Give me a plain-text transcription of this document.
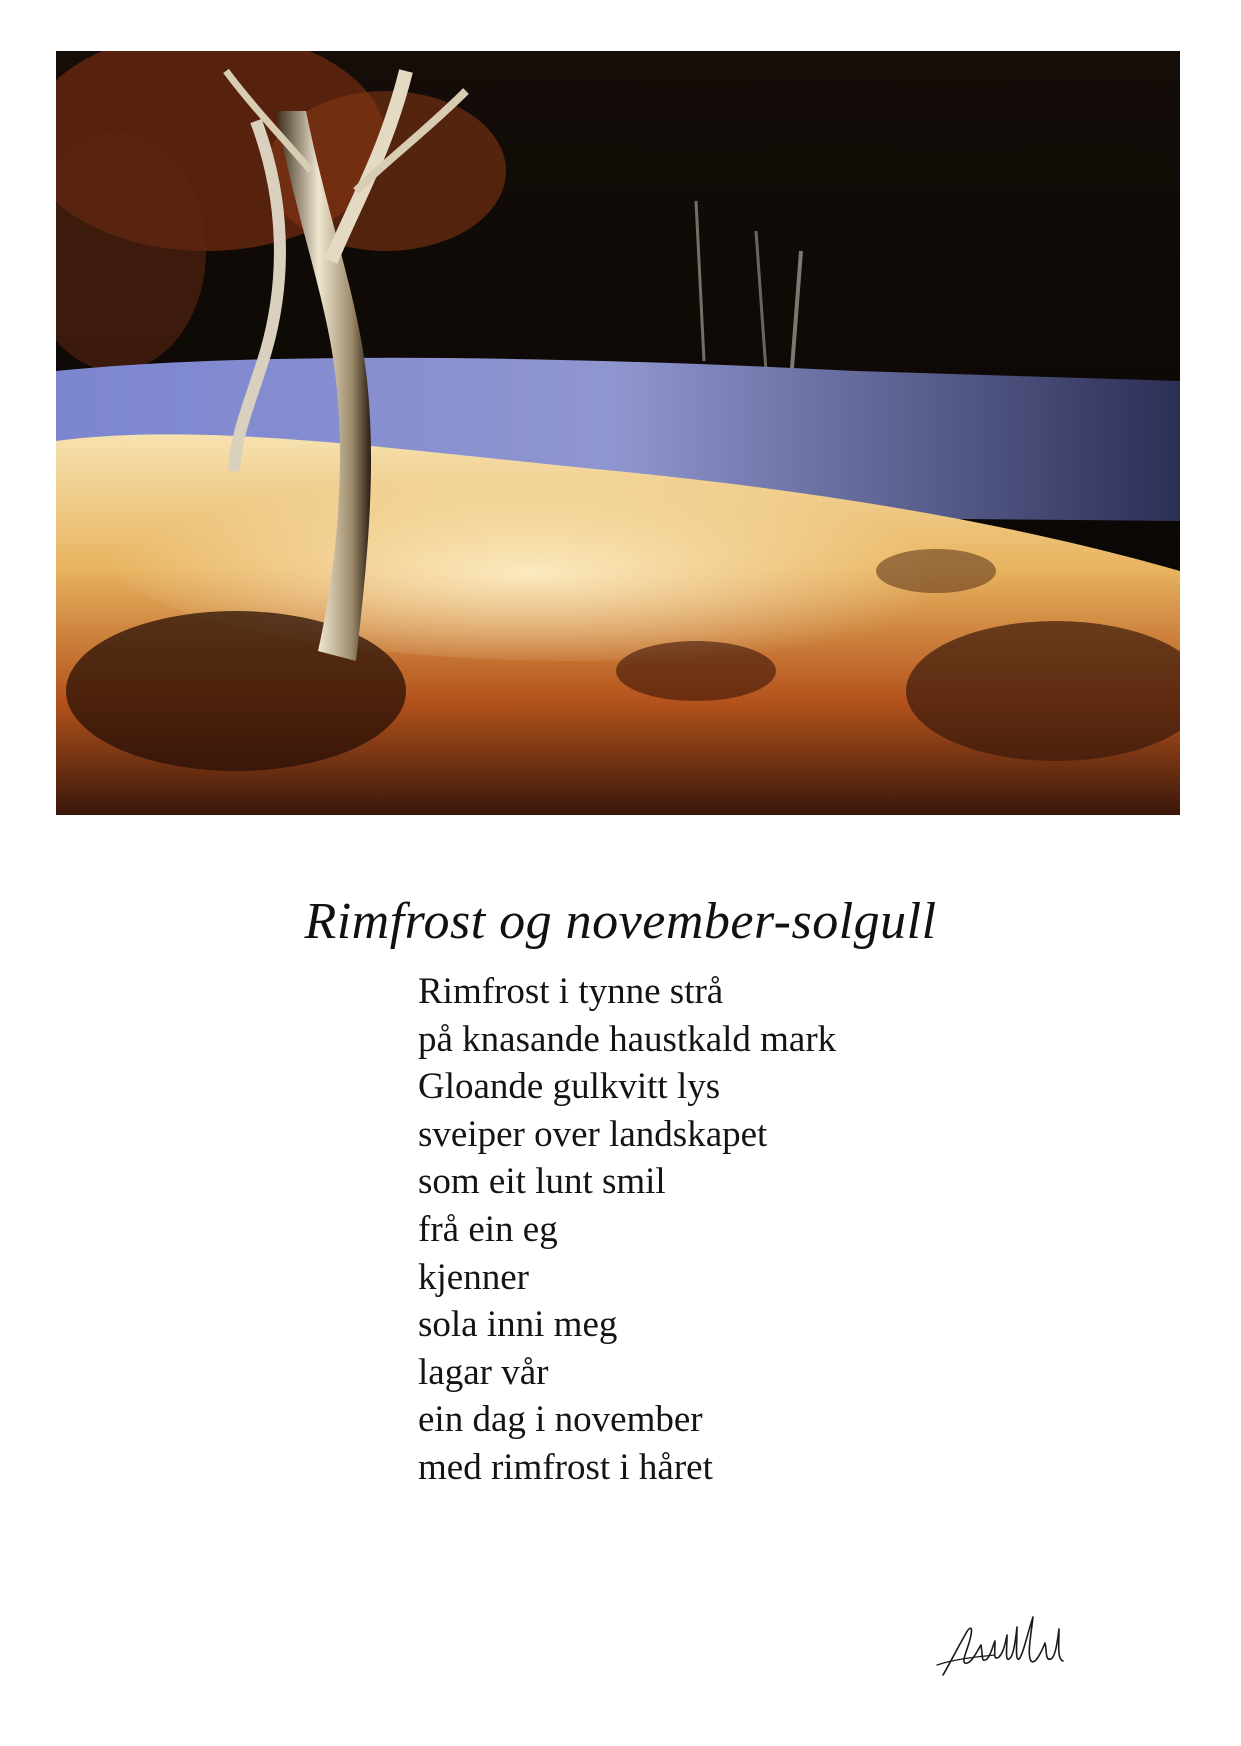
Rimfrost og november-solgull
Rimfrost i tynne strå
på knasande haustkald mark
Gloande gulkvitt lys
sveiper over landskapet
som eit lunt smil
frå ein eg
kjenner
sola inni meg
lagar vår
ein dag i november
med rimfrost i håret
